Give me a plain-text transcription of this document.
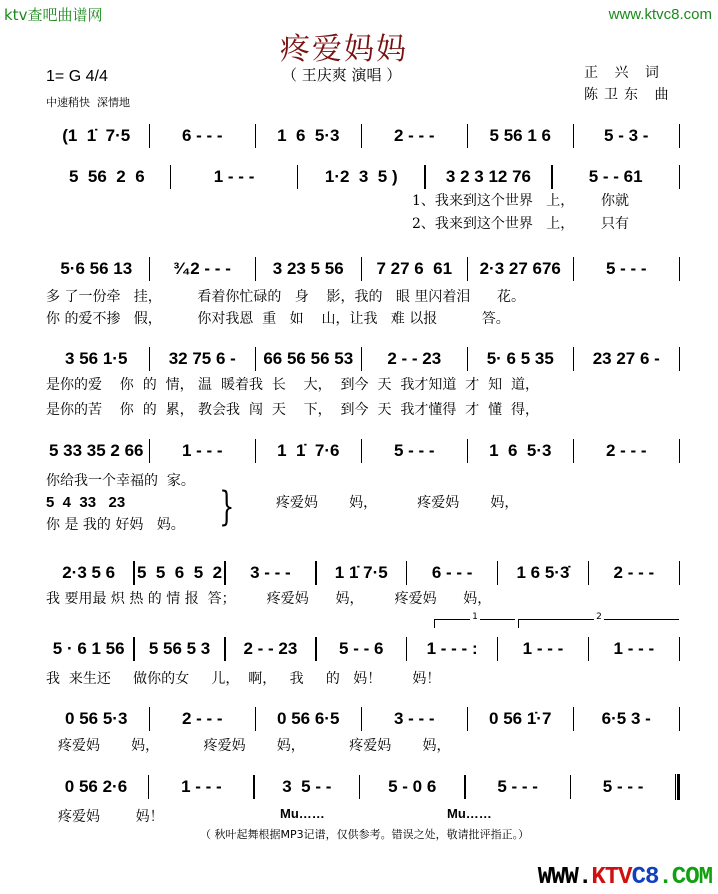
ktv查吧曲谱网	www.ktvc8.com
疼爱妈妈
（ 王庆爽 演唱 ）
1= G 4/4
中速稍快  深情地
正 兴 词
陈卫东 曲
(1  1̇  7·5	6 - - -	1  6  5·3	2 - - -	5 56 1 6	5 - 3 -
5  56  2  6	1 - - -	1·2  3  5 )	3 2 3 12 76	5 - - 61
1、我来到这个世界   上，      你就
2、我来到这个世界   上，      只有
5·6 56 13	³⁄₄2 - - -	3 23 5 56	7 27 6  61	2·3 27 676	5 - - -
多 了一份牵   挂，        看着你忙碌的   身    影，我的   眼 里闪着泪      花。
你 的爱不掺   假，        你对我恩  重   如    山，让我   难 以报          答。
3 56 1·5	32 75 6 -	66 56 56 53	2 - - 23	5· 6 5 35	23 27 6 -
是你的爱    你  的  情， 温  暖着我  长    大，  到今  天  我才知道  才  知  道，
是你的苦    你  的  累， 教会我  闯  天    下，  到今  天  我才懂得  才  懂  得，
5 33 35 2 66	1 - - -	1  1̇  7·6	5 - - -	1  6  5·3	2 - - -
你给我一个幸福的  家。
你 是 我的 好妈   妈。
2·3 5 6	5  5  6  5  2	3 - - -	1 1̇ 7·5	6 - - -	1 6 5·3̇	2 - - -
我 要用最 炽 热 的 情 报  答；       疼爱妈      妈，       疼爱妈      妈，
5 · 6 1 56	5 56 5 3	2 - - 23	5 - - 6	1 - - - :	1 - - -	1 - - -
我  来生还     做你的女     儿，  啊，   我     的   妈！       妈！
0 56 5·3	2 - - -	0 56 6·5	3 - - -	0 56 1̇·7	6·5 3 -
疼爱妈       妈，          疼爱妈       妈，          疼爱妈       妈，
0 56 2·6	1 - - -	3  5 - -	5 - 0 6	5 - - -	5 - - -
疼爱妈        妈！
5  4  33   23 }	疼爱妈       妈，         疼爱妈       妈，
1	2
Mu……	Mu……
（ 秋叶起舞根据MP3记谱，仅供参考。错误之处，敬请批评指正。）
WWW.KTVC8.COM
